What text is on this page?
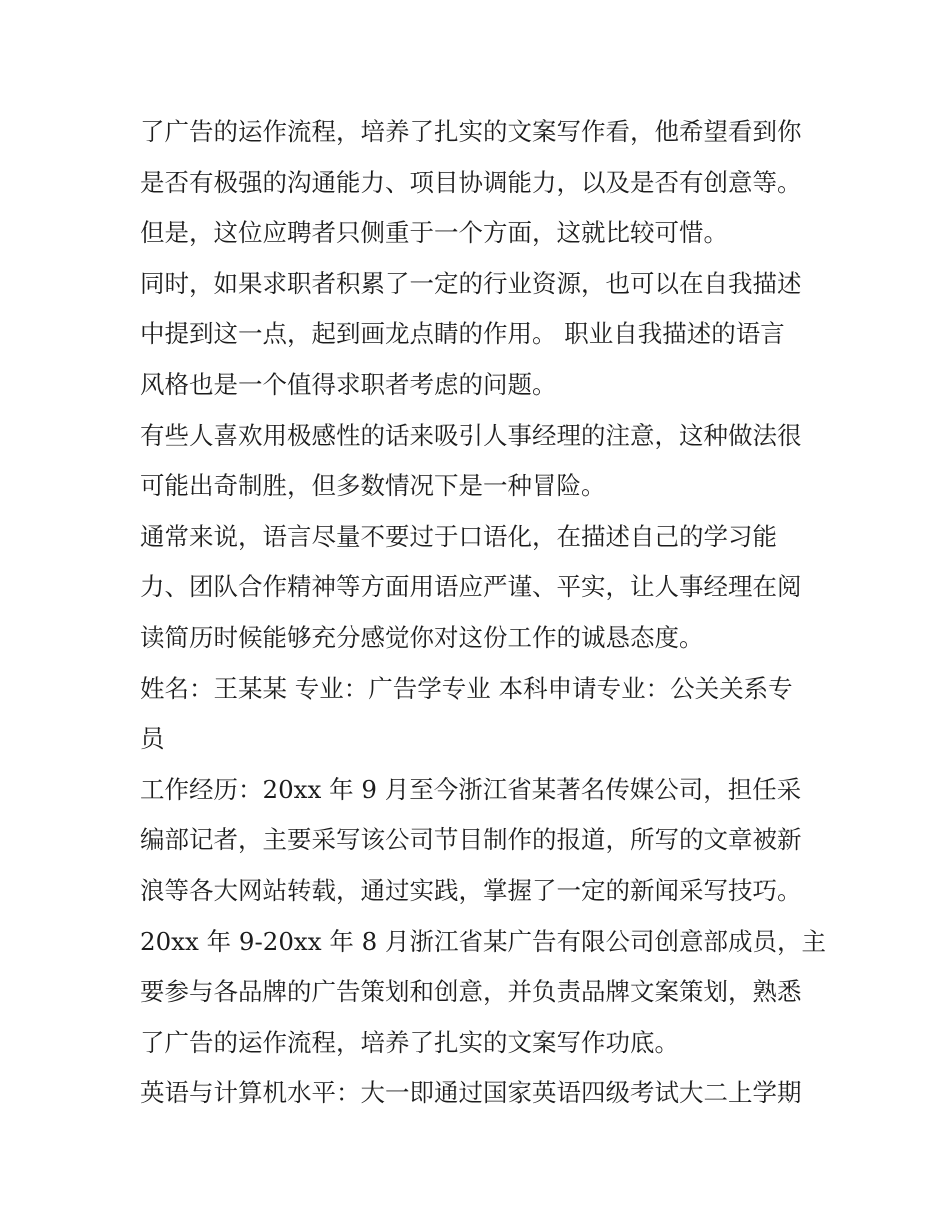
了广告的运作流程，培养了扎实的文案写作看，他希望看到你
是否有极强的沟通能力、项目协调能力，以及是否有创意等。
但是，这位应聘者只侧重于一个方面，这就比较可惜。
同时，如果求职者积累了一定的行业资源，也可以在自我描述
中提到这一点，起到画龙点睛的作用。 职业自我描述的语言
风格也是一个值得求职者考虑的问题。
有些人喜欢用极感性的话来吸引人事经理的注意，这种做法很
可能出奇制胜，但多数情况下是一种冒险。
通常来说，语言尽量不要过于口语化，在描述自己的学习能
力、团队合作精神等方面用语应严谨、平实，让人事经理在阅
读简历时候能够充分感觉你对这份工作的诚恳态度。
姓名：王某某 专业：广告学专业 本科申请专业：公关关系专
员
工作经历：20xx 年 9 月至今浙江省某著名传媒公司，担任采
编部记者，主要采写该公司节目制作的报道，所写的文章被新
浪等各大网站转载，通过实践，掌握了一定的新闻采写技巧。
20xx 年 9-20xx 年 8 月浙江省某广告有限公司创意部成员，主
要参与各品牌的广告策划和创意，并负责品牌文案策划，熟悉
了广告的运作流程，培养了扎实的文案写作功底。
英语与计算机水平：大一即通过国家英语四级考试大二上学期
